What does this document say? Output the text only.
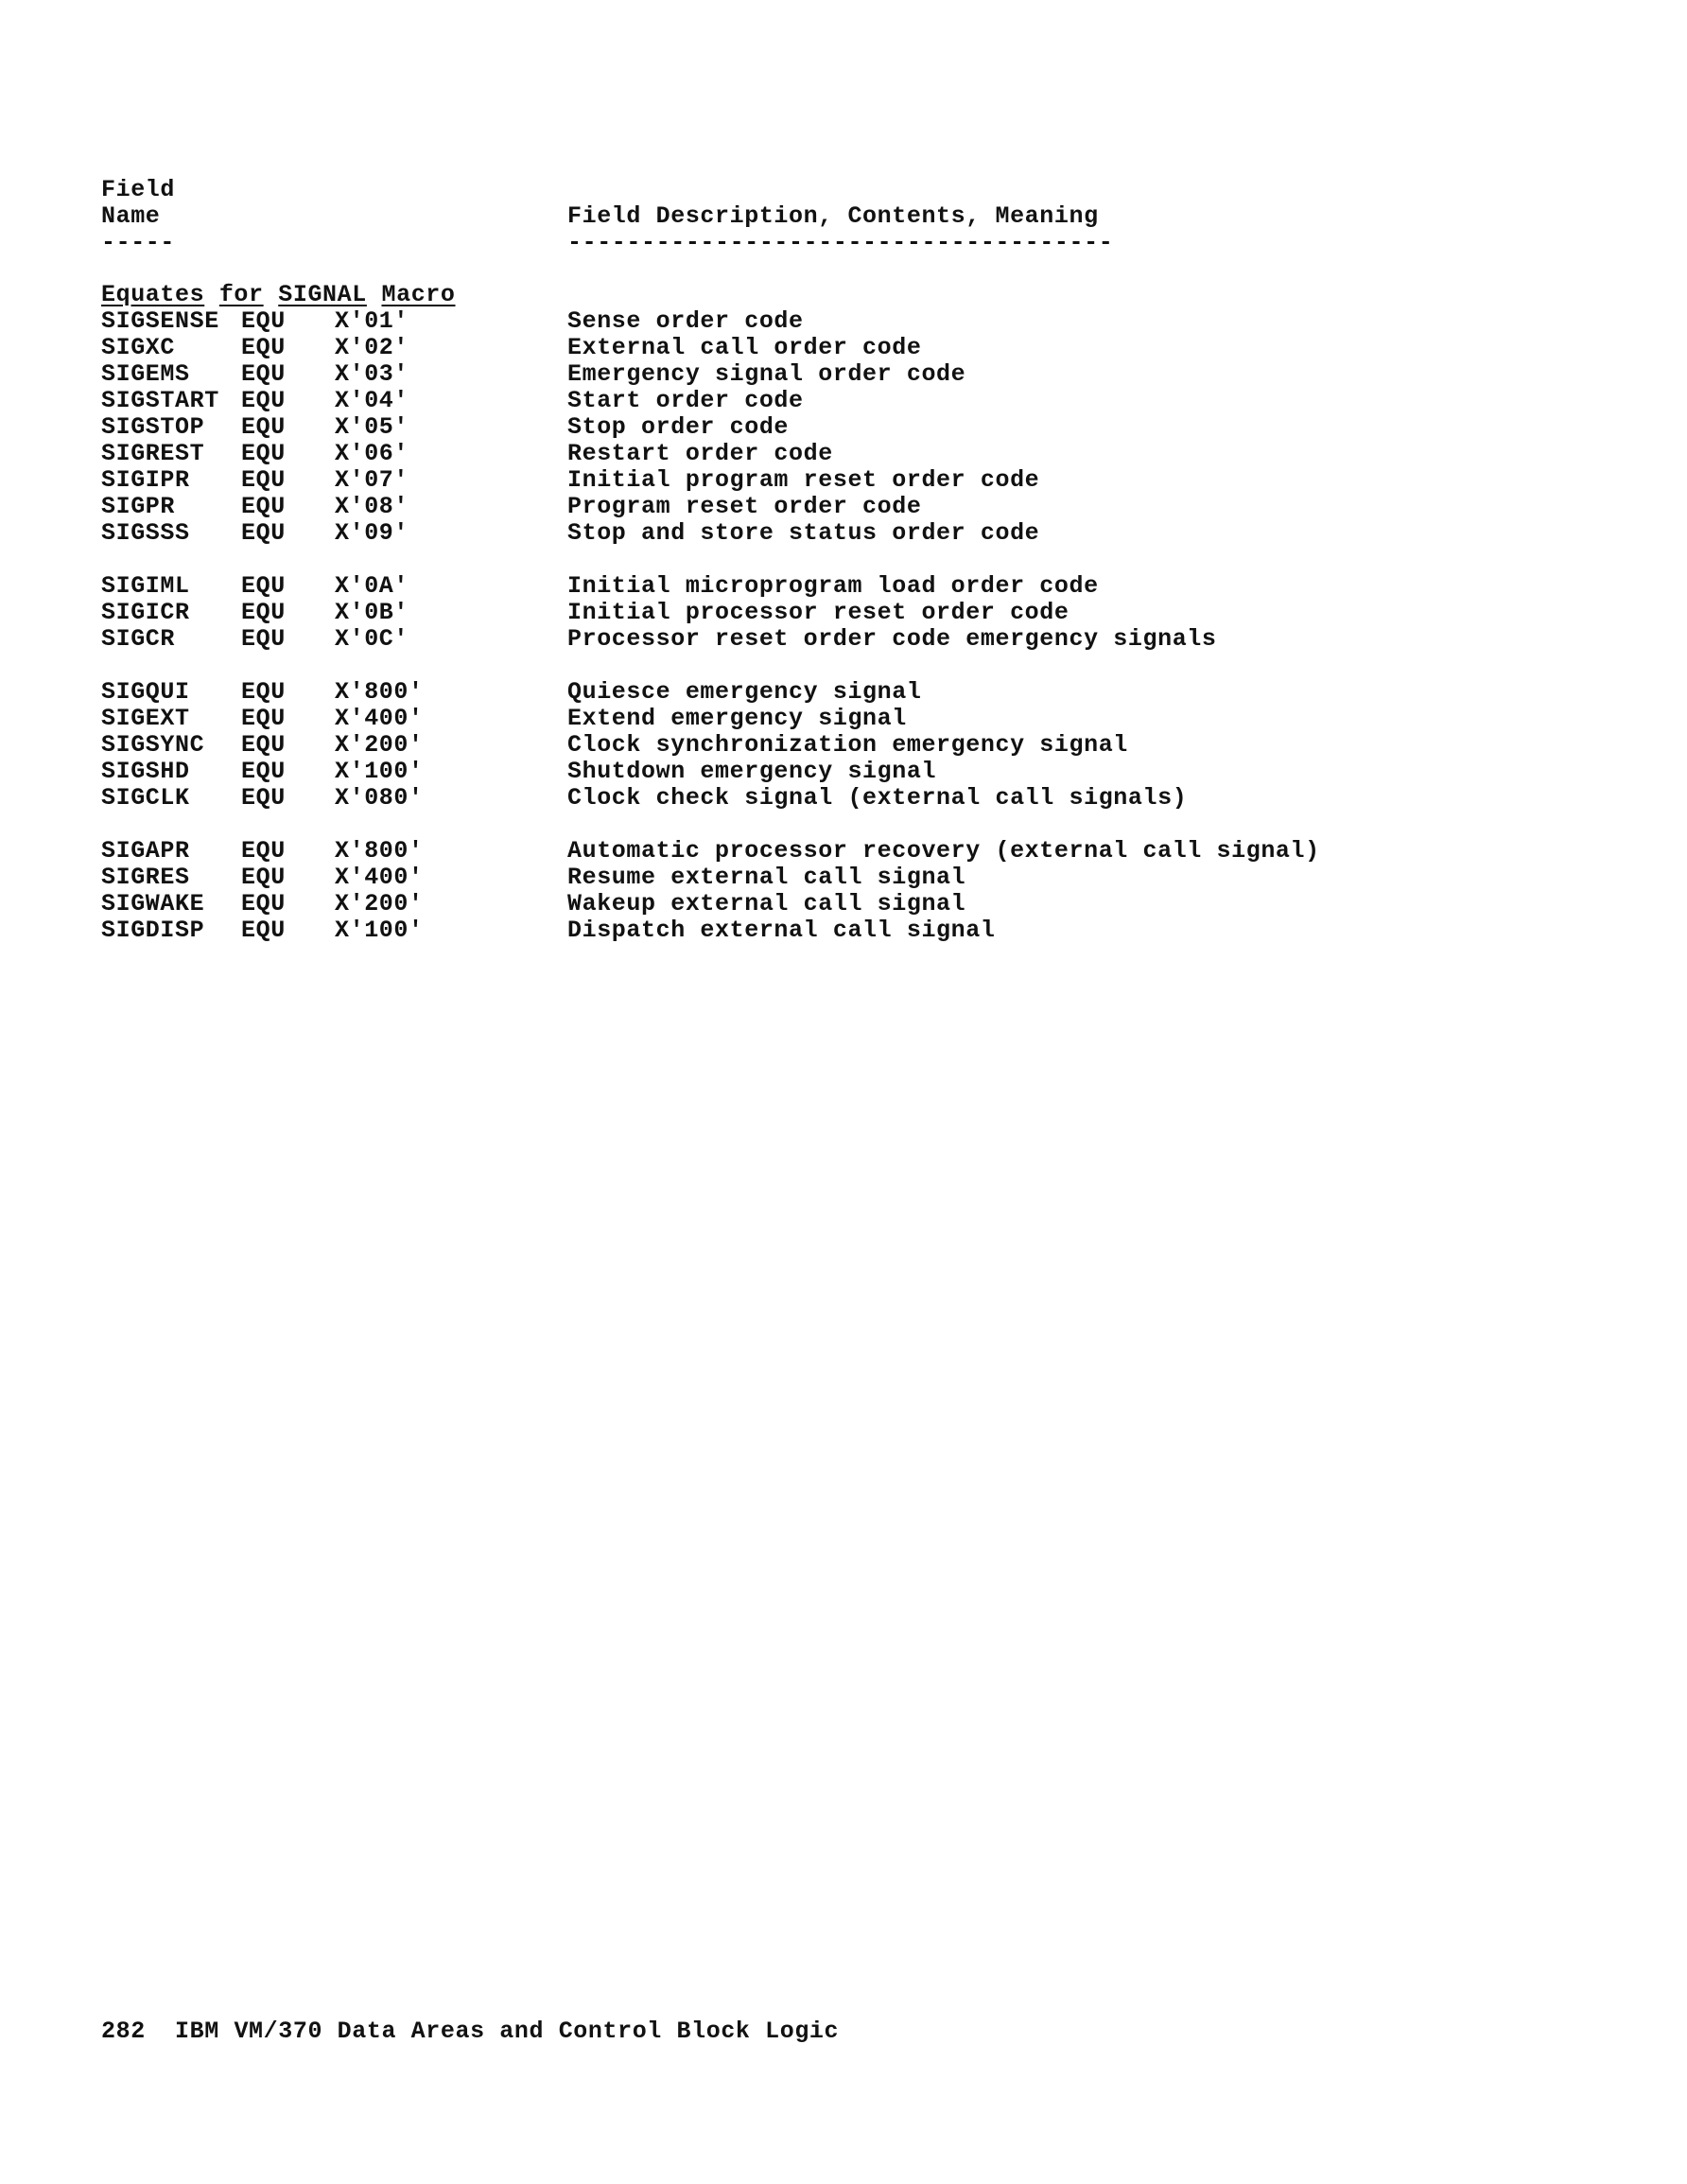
Field
Name	Field Description, Contents, Meaning
-----	-------------------------------------
Equates for SIGNAL Macro
SIGSENSE EQU X'01'	Sense order code
SIGXC	EQU X'02'	External call order code
SIGEMS EQU X'03'	Emergency signal order code
SIGSTART EQU X'04'	Start order code
SIGSTOP EQU X'05'	Stop order code
SIGREST EQU X'06'	Restart order code
SIGIPR EQU X'07'	Initial program reset order code
SIGPR	EQU X'08'	Program reset order code
SIGSSS EQU X'09'	Stop and store status order code
SIGIML EQU X'0A'	Initial microprogram load order code
SIGICR EQU X'0B'	Initial processor reset order code
SIGCR	EQU X'0C'	Processor reset order code emergency signals
SIGQUI EQU X'800'	Quiesce emergency signal
SIGEXT EQU X'400'	Extend emergency signal
SIGSYNC EQU X'200'	Clock synchronization emergency signal
SIGSHD EQU X'100'	Shutdown emergency signal
SIGCLK EQU X'080'	Clock check signal (external call signals)
SIGAPR EQU X'800'	Automatic processor recovery (external call signal)
SIGRES EQU X'400'	Resume external call signal
SIGWAKE EQU X'200'	Wakeup external call signal
SIGDISP EQU X'100'	Dispatch external call signal
282 IBM VM/370 Data Areas and Control Block Logic
